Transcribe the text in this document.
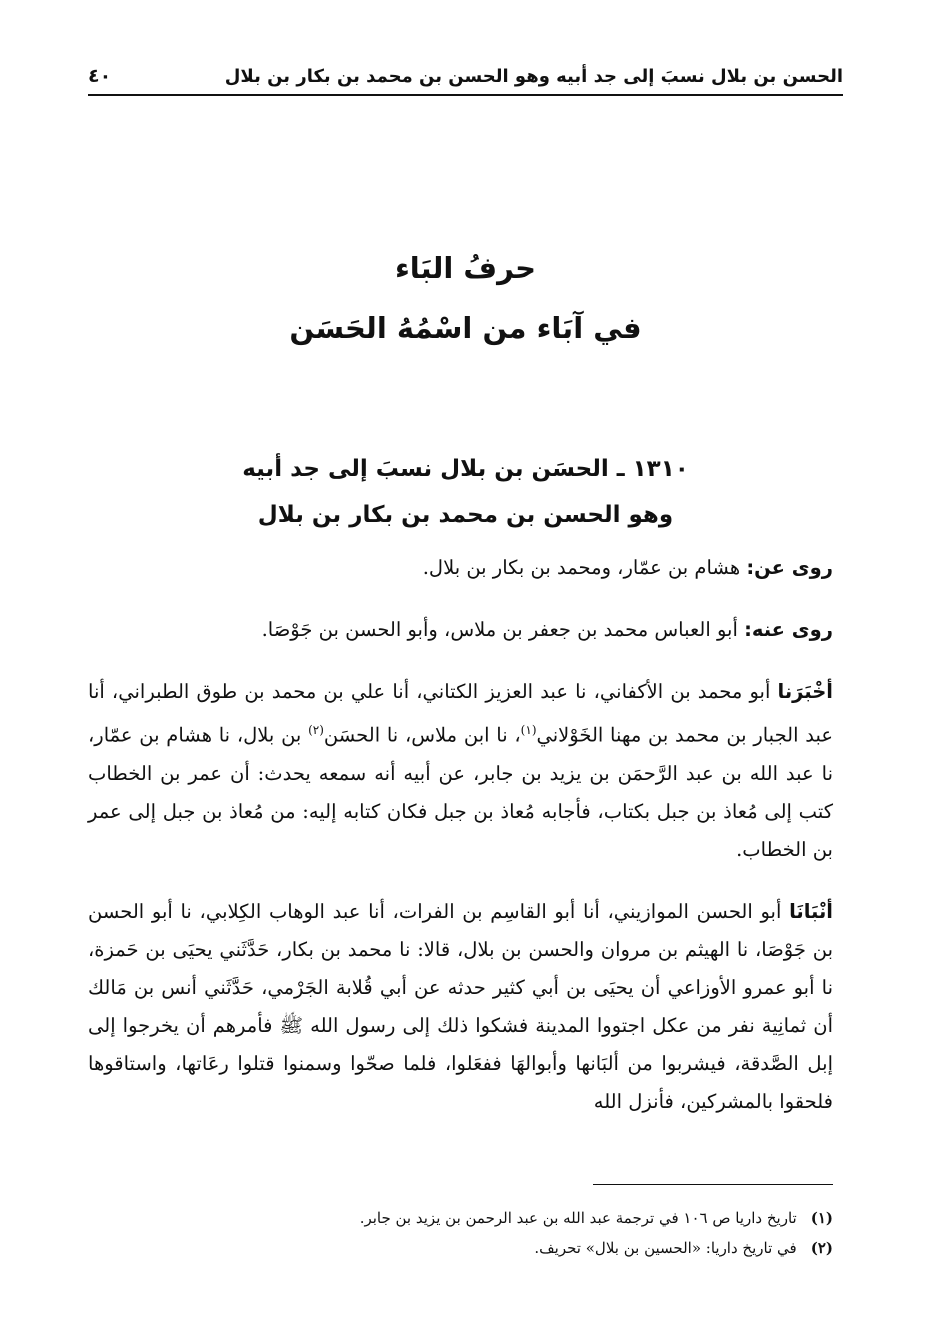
الحسن بن بلال نسبَ إلى جد أبيه وهو الحسن بن محمد بن بكار بن بلال
٤٠
حرفُ البَاء
في آبَاء من اسْمُهُ الحَسَن
١٣١٠ ـ الحسَن بن بلال نسبَ إلى جد أبيه
وهو الحسن بن محمد بن بكار بن بلال

روى عن: هشام بن عمّار، ومحمد بن بكار بن بلال.

روى عنه: أبو العباس محمد بن جعفر بن ملاس، وأبو الحسن بن جَوْصَا.

أخْبَرَنا أبو محمد بن الأكفاني، نا عبد العزيز الكتاني، أنا علي بن محمد بن طوق الطبراني، أنا عبد الجبار بن محمد بن مهنا الخَوْلاني$^{(١)}$، نا ابن ملاس، نا الحسَن$^{(٢)}$ بن بلال، نا هشام بن عمّار، نا عبد الله بن عبد الرَّحمَن بن يزيد بن جابر، عن أبيه أنه سمعه يحدث: أن عمر بن الخطاب كتب إلى مُعاذ بن جبل بكتاب، فأجابه مُعاذ بن جبل فكان كتابه إليه: من مُعاذ بن جبل إلى عمر بن الخطاب.

أنْبَانَا أبو الحسن الموازيني، أنا أبو القاسِم بن الفرات، أنا عبد الوهاب الكِلابي، نا أبو الحسن بن جَوْصَا، نا الهيثم بن مروان والحسن بن بلال، قالا: نا محمد بن بكار، حَدَّثَني يحيَى بن حَمزة، نا أبو عمرو الأوزاعي أن يحيَى بن أبي كثير حدثه عن أبي قُلابة الجَرْمي، حَدَّثَني أنس بن مَالك أن ثمانِية نفر من عكل اجتووا المدينة فشكوا ذلك إلى رسول الله ﷺ فأمرهم أن يخرجوا إلى إبل الصَّدقة، فيشربوا من ألبَانها وأبوالهَا ففعَلوا، فلما صحّوا وسمنوا قتلوا رعَاتها، واستاقوها فلحقوا بالمشركين، فأنزل الله

(١)تاريخ داريا ص ١٠٦ في ترجمة عبد الله بن عبد الرحمن بن يزيد بن جابر.

(٢)في تاريخ داريا: «الحسين بن بلال» تحريف.
